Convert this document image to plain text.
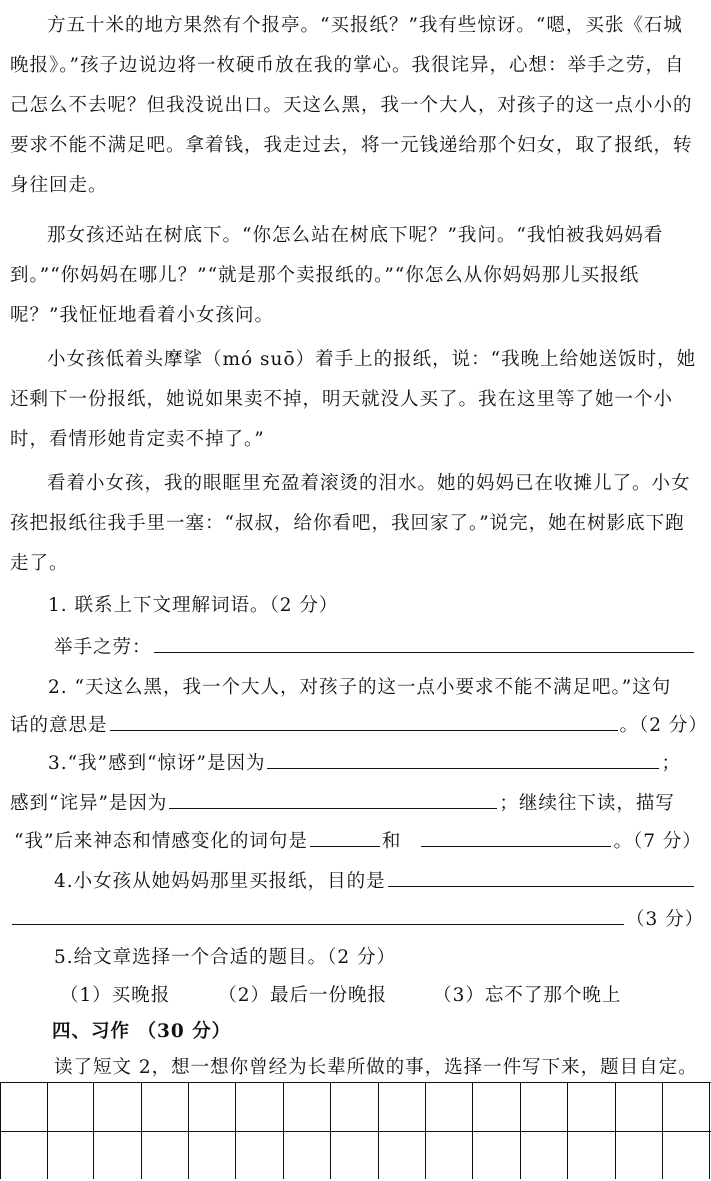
方五十米的地方果然有个报亭。“买报纸？”我有些惊讶。“嗯，买张《石城晚报》。”孩子边说边将一枚硬币放在我的掌心。我很诧异，心想：举手之劳，自己怎么不去呢？但我没说出口。天这么黑，我一个大人，对孩子的这一点小小的要求不能不满足吧。拿着钱，我走过去，将一元钱递给那个妇女，取了报纸，转身往回走。

那女孩还站在树底下。“你怎么站在树底下呢？”我问。“我怕被我妈妈看到。”“你妈妈在哪儿？”“就是那个卖报纸的。”“你怎么从你妈妈那儿买报纸呢？”我怔怔地看着小女孩问。

小女孩低着头摩挲（mó suō）着手上的报纸，说：“我晚上给她送饭时，她还剩下一份报纸，她说如果卖不掉，明天就没人买了。我在这里等了她一个小时，看情形她肯定卖不掉了。”

看着小女孩，我的眼眶里充盈着滚烫的泪水。她的妈妈已在收摊儿了。小女孩把报纸往我手里一塞：“叔叔，给你看吧，我回家了。”说完，她在树影底下跑走了。

1. 联系上下文理解词语。（2 分）
举手之劳：
2. “天这么黑，我一个大人，对孩子的这一点小要求不能不满足吧。”这句
话的意思是	。（2 分）
3.“我”感到“惊讶”是因为	；
感到“诧异”是因为	；继续往下读，描写
“我”后来神态和情感变化的词句是	和	。（7 分）
4.小女孩从她妈妈那里买报纸，目的是
（3 分）
5.给文章选择一个合适的题目。（2 分）
（1）买晚报	（2）最后一份晚报 （3）忘不了那个晚上
四、习作 （30 分）
读了短文 2，想一想你曾经为长辈所做的事，选择一件写下来，题目自定。
